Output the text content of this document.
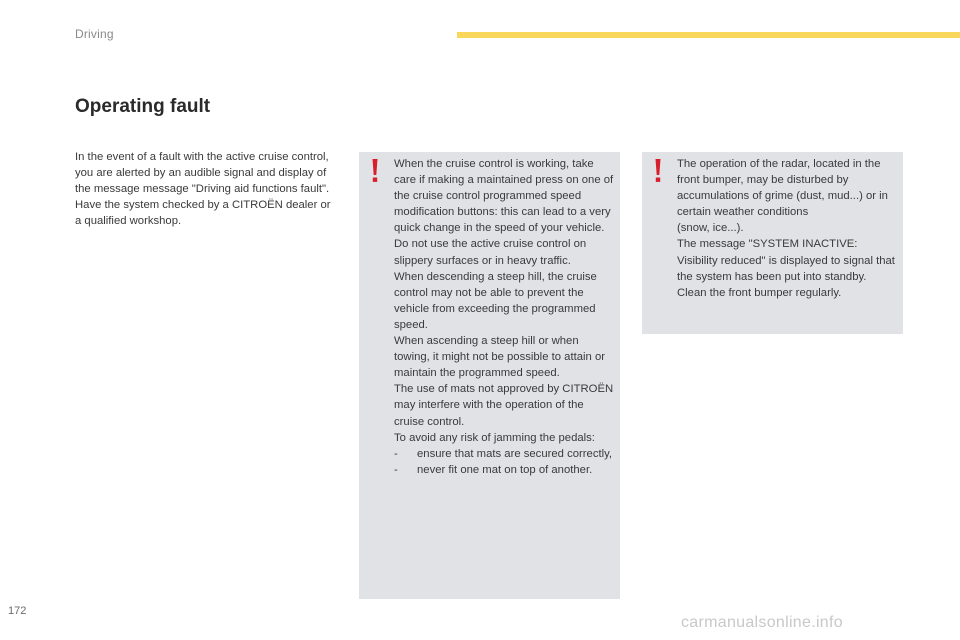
Driving
Operating fault

In the event of a fault with the active cruise control, you are alerted by an audible signal and display of the message message "Driving aid functions fault".

Have the system checked by a CITROËN dealer or a qualified workshop.

When the cruise control is working, take care if making a maintained press on one of the cruise control programmed speed modification buttons: this can lead to a very quick change in the speed of your vehicle.

Do not use the active cruise control on slippery surfaces or in heavy traffic.

When descending a steep hill, the cruise control may not be able to prevent the vehicle from exceeding the programmed speed.

When ascending a steep hill or when towing, it might not be possible to attain or maintain the programmed speed.

The use of mats not approved by CITROËN may interfere with the operation of the cruise control.

To avoid any risk of jamming the pedals:

- ensure that mats are secured correctly,
- never fit one mat on top of another.

The operation of the radar, located in the front bumper, may be disturbed by accumulations of grime (dust, mud...) or in certain weather conditions

(snow, ice...).

The message "SYSTEM INACTIVE: Visibility reduced" is displayed to signal that the system has been put into standby.

Clean the front bumper regularly.

172
carmanualsonline.info
